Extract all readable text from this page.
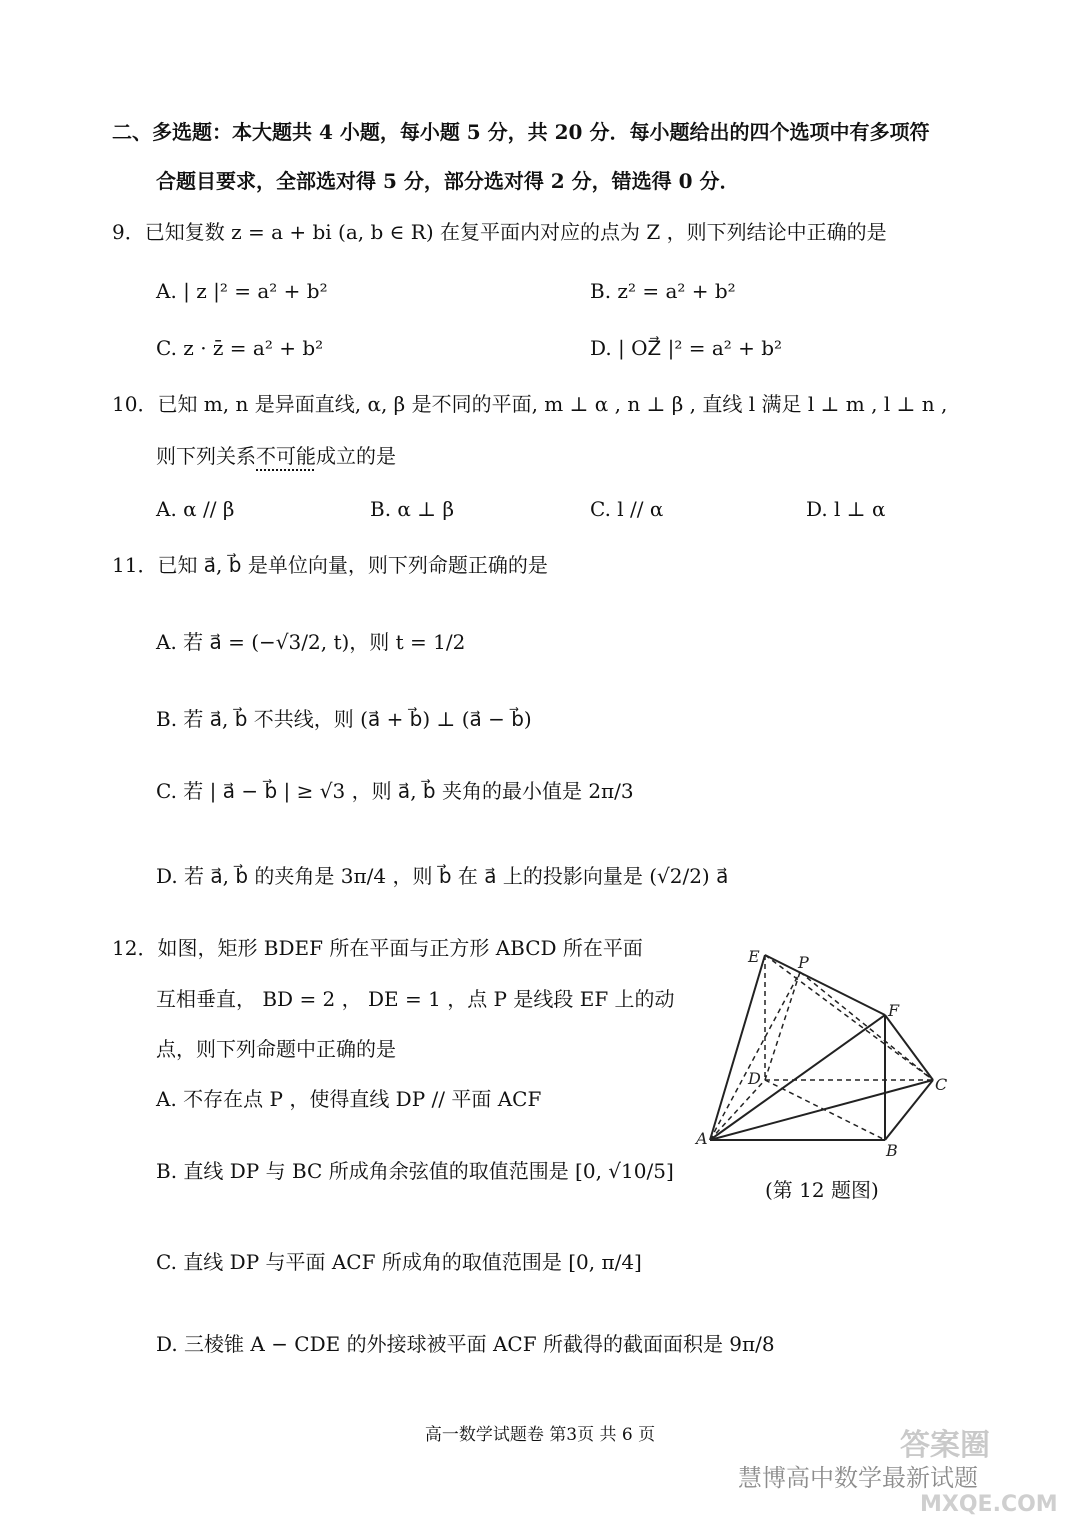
二、多选题：本大题共 4 小题，每小题 5 分，共 20 分．每小题给出的四个选项中有多项符
合题目要求，全部选对得 5 分，部分选对得 2 分，错选得 0 分．
9．已知复数 z = a + bi (a, b ∈ R) 在复平面内对应的点为 Z ，则下列结论中正确的是
A. | z |² = a² + b²	B. z² = a² + b²
C. z · z̄ = a² + b²	D. | OZ⃗ |² = a² + b²
10．已知 m, n 是异面直线, α, β 是不同的平面, m ⊥ α , n ⊥ β , 直线 l 满足 l ⊥ m , l ⊥ n ,
则下列关系不可能成立的是
A. α // β	B. α ⊥ β	C. l // α	D. l ⊥ α
11．已知 a⃗, b⃗ 是单位向量，则下列命题正确的是
A. 若 a⃗ = (−√3/2, t)，则 t = 1/2
B. 若 a⃗, b⃗ 不共线，则 (a⃗ + b⃗) ⊥ (a⃗ − b⃗)
C. 若 | a⃗ − b⃗ | ≥ √3 ，则 a⃗, b⃗ 夹角的最小值是 2π/3
D. 若 a⃗, b⃗ 的夹角是 3π/4 ，则 b⃗ 在 a⃗ 上的投影向量是 (√2/2) a⃗
12．如图，矩形 BDEF 所在平面与正方形 ABCD 所在平面
互相垂直， BD = 2 ， DE = 1 ，点 P 是线段 EF 上的动
点，则下列命题中正确的是
A. 不存在点 P ，使得直线 DP // 平面 ACF
B. 直线 DP 与 BC 所成角余弦值的取值范围是 [0, √10/5]
C. 直线 DP 与平面 ACF 所成角的取值范围是 [0, π/4]
D. 三棱锥 A − CDE 的外接球被平面 ACF 所截得的截面面积是 9π/8
E P
F
D	C
A
B
(第 12 题图)
高一数学试题卷 第3页 共 6 页	答案圈
慧博高中数学最新试题
MXQE.COM
